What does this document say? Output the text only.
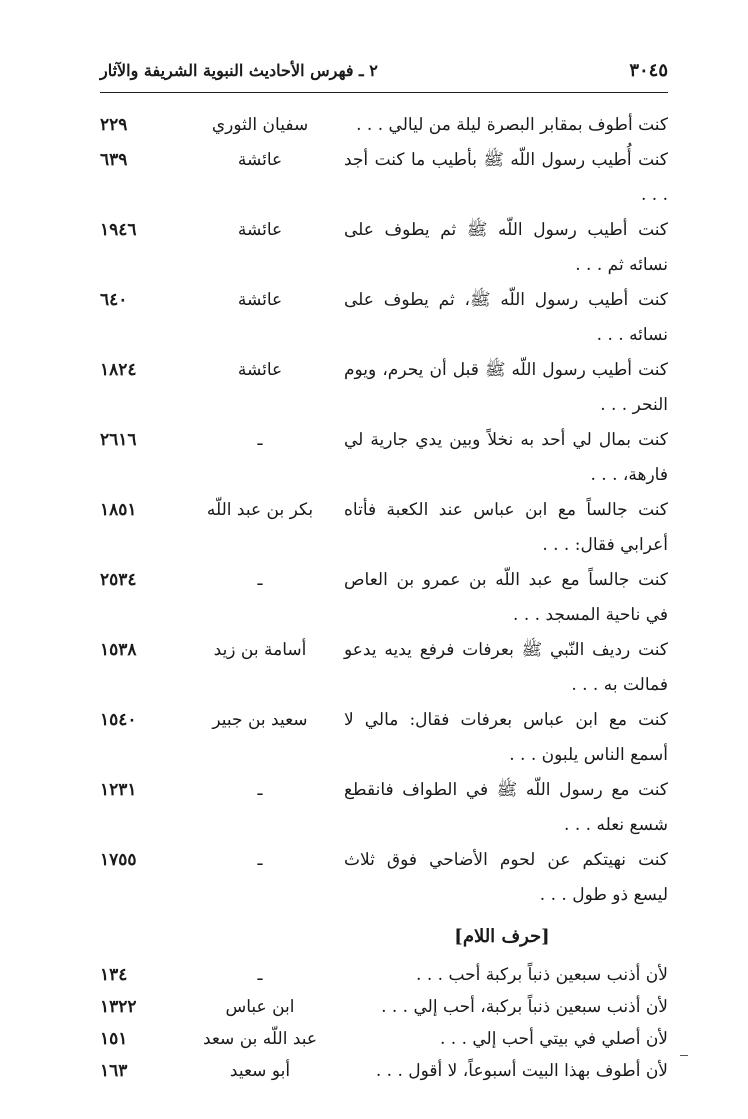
٢ ـ فهرس الأحاديث النبوية الشريفة والآثار	٣٠٤٥
كنت أطوف بمقابر البصرة ليلة من ليالي . . .
سفيان الثوري
٢٢٩
كنت أُطيب رسول اللّه ﷺ بأطيب ما كنت أجد . . .
عائشة
٦٣٩
كنت أطيب رسول اللّه ﷺ ثم يطوف على نسائه ثم . . .
عائشة
١٩٤٦
كنت أطيب رسول اللّه ﷺ، ثم يطوف على نسائه . . .
عائشة
٦٤٠
كنت أطيب رسول اللّه ﷺ قبل أن يحرم، ويوم النحر . . .
عائشة
١٨٢٤
كنت بمال لي أحد به نخلاً وبين يدي جارية لي فارهة، . . .
ـ
٢٦١٦
كنت جالساً مع ابن عباس عند الكعبة فأتاه أعرابي فقال: . . .
بكر بن عبد اللّه
١٨٥١
كنت جالساً مع عبد اللّه بن عمرو بن العاص في ناحية المسجد . . .
ـ
٢٥٣٤
كنت رديف النّبي ﷺ بعرفات فرفع يديه يدعو فمالت به . . .
أسامة بن زيد
١٥٣٨
كنت مع ابن عباس بعرفات فقال: مالي لا أسمع الناس يلبون . . .
سعيد بن جبير
١٥٤٠
كنت مع رسول اللّه ﷺ في الطواف فانقطع شسع نعله . . .
ـ
١٢٣١
كنت نهيتكم عن لحوم الأضاحي فوق ثلاث ليسع ذو طول . . .
ـ
١٧٥٥
[حرف اللام]
لأن أذنب سبعين ذنباً بركبة أحب . . .
ـ
١٣٤
لأن أذنب سبعين ذنباً بركبة، أحب إلي . . .
ابن عباس
١٣٢٢
لأن أصلي في بيتي أحب إلي . . .
عبد اللّه بن سعد
١٥١
لأن أطوف بهذا البيت أسبوعاً، لا أقول . . .
أبو سعيد
١٦٣
